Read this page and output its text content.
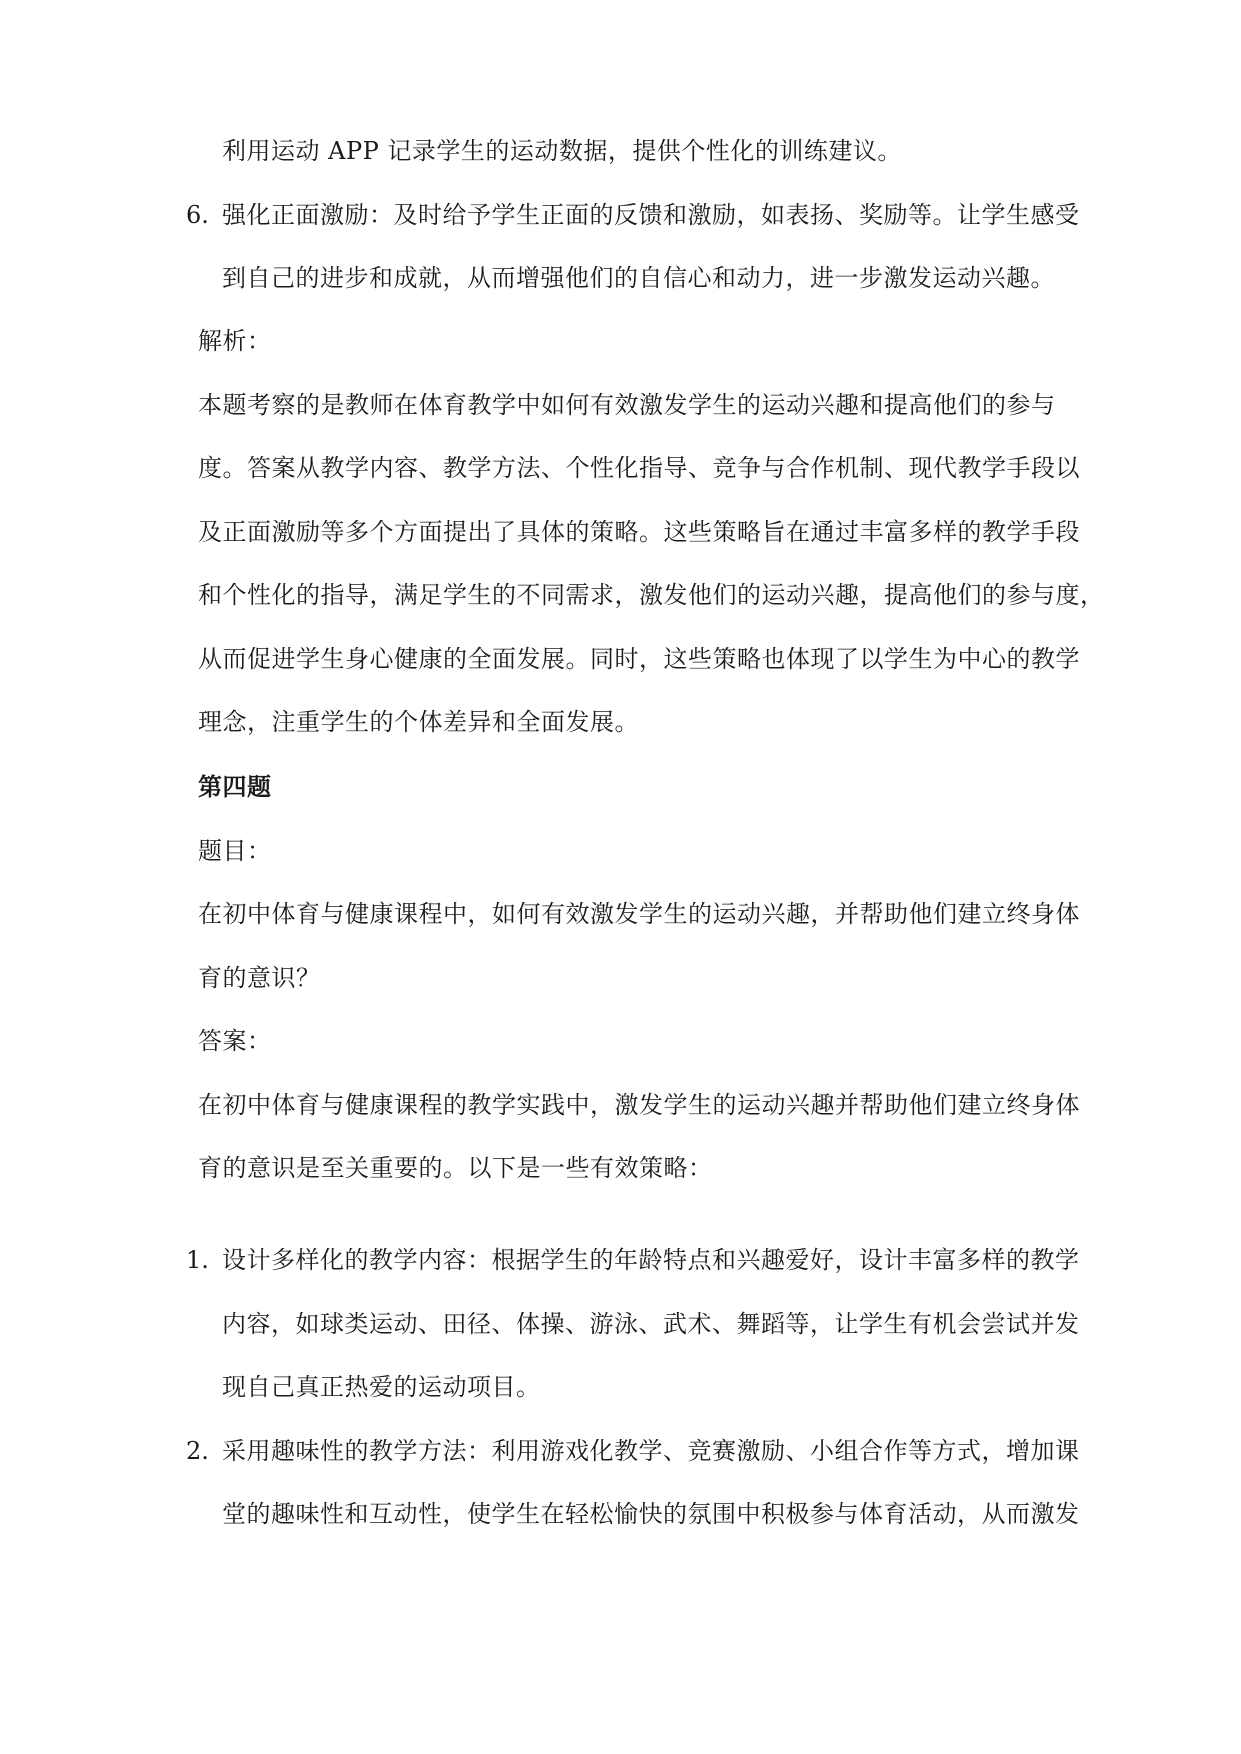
利用运动 APP 记录学生的运动数据，提供个性化的训练建议。
6. 强化正面激励：及时给予学生正面的反馈和激励，如表扬、奖励等。让学生感受
到自己的进步和成就，从而增强他们的自信心和动力，进一步激发运动兴趣。
解析：
本题考察的是教师在体育教学中如何有效激发学生的运动兴趣和提高他们的参与
度。答案从教学内容、教学方法、个性化指导、竞争与合作机制、现代教学手段以
及正面激励等多个方面提出了具体的策略。这些策略旨在通过丰富多样的教学手段
和个性化的指导，满足学生的不同需求，激发他们的运动兴趣，提高他们的参与度，
从而促进学生身心健康的全面发展。同时，这些策略也体现了以学生为中心的教学
理念，注重学生的个体差异和全面发展。
第四题
题目：
在初中体育与健康课程中，如何有效激发学生的运动兴趣，并帮助他们建立终身体
育的意识？
答案：
在初中体育与健康课程的教学实践中，激发学生的运动兴趣并帮助他们建立终身体
育的意识是至关重要的。以下是一些有效策略：
1. 设计多样化的教学内容：根据学生的年龄特点和兴趣爱好，设计丰富多样的教学
内容，如球类运动、田径、体操、游泳、武术、舞蹈等，让学生有机会尝试并发
现自己真正热爱的运动项目。
2. 采用趣味性的教学方法：利用游戏化教学、竞赛激励、小组合作等方式，增加课
堂的趣味性和互动性，使学生在轻松愉快的氛围中积极参与体育活动，从而激发
